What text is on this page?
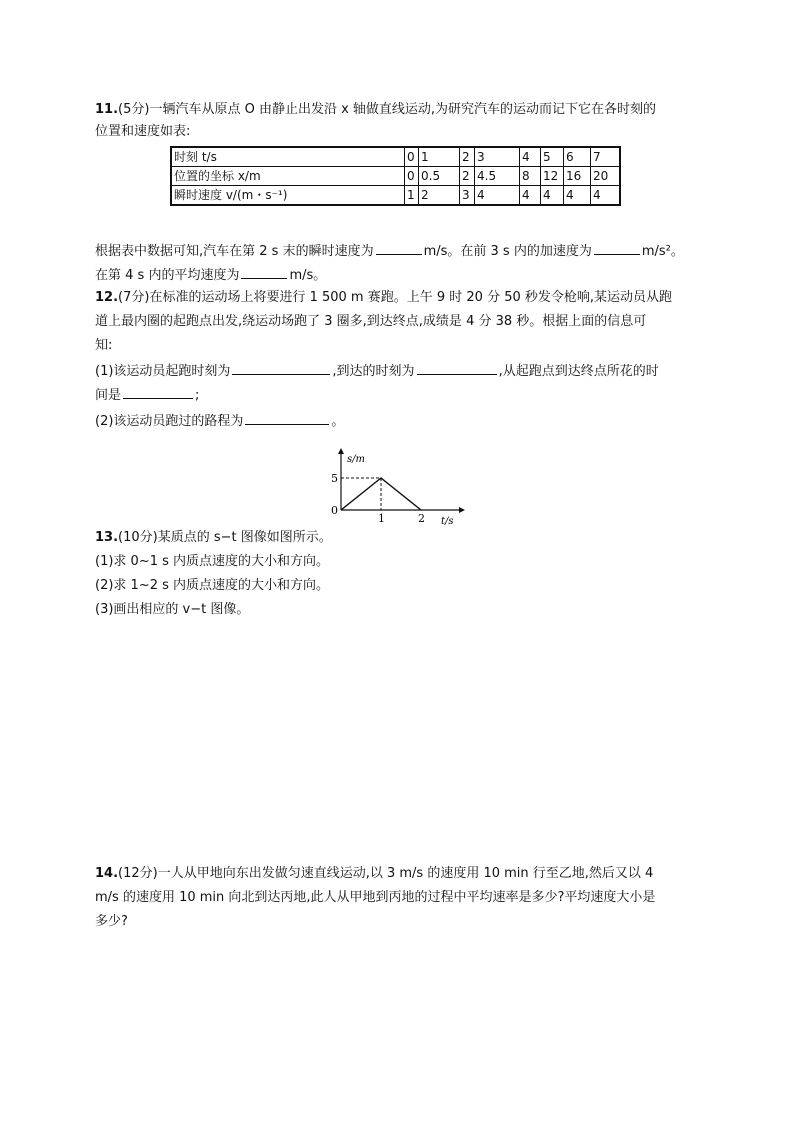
11.(5分)一辆汽车从原点 O 由静止出发沿 x 轴做直线运动,为研究汽车的运动而记下它在各时刻的
位置和速度如表:
时刻 t/s	0	1	2	3	4	5	6	7
位置的坐标 x/m	0	0.5	2	4.5	8	12	16	20
瞬时速度 v/(m・s⁻¹)	1	2	3	4	4	4	4	4
根据表中数据可知,汽车在第 2 s 末的瞬时速度为	m/s。在前 3 s 内的加速度为	m/s²。
在第 4 s 内的平均速度为	m/s。
12.(7分)在标准的运动场上将要进行 1 500 m 赛跑。上午 9 时 20 分 50 秒发令枪响,某运动员从跑
道上最内圈的起跑点出发,绕运动场跑了 3 圈多,到达终点,成绩是 4 分 38 秒。根据上面的信息可
知:
(1)该运动员起跑时刻为	,到达的时刻为	,从起跑点到达终点所花的时
间是	;
(2)该运动员跑过的路程为	。
s/m
t/s
5
1	2
0
13.(10分)某质点的 s−t 图像如图所示。
(1)求 0~1 s 内质点速度的大小和方向。
(2)求 1~2 s 内质点速度的大小和方向。
(3)画出相应的 v−t 图像。
14.(12分)一人从甲地向东出发做匀速直线运动,以 3 m/s 的速度用 10 min 行至乙地,然后又以 4
m/s 的速度用 10 min 向北到达丙地,此人从甲地到丙地的过程中平均速率是多少?平均速度大小是
多少?
